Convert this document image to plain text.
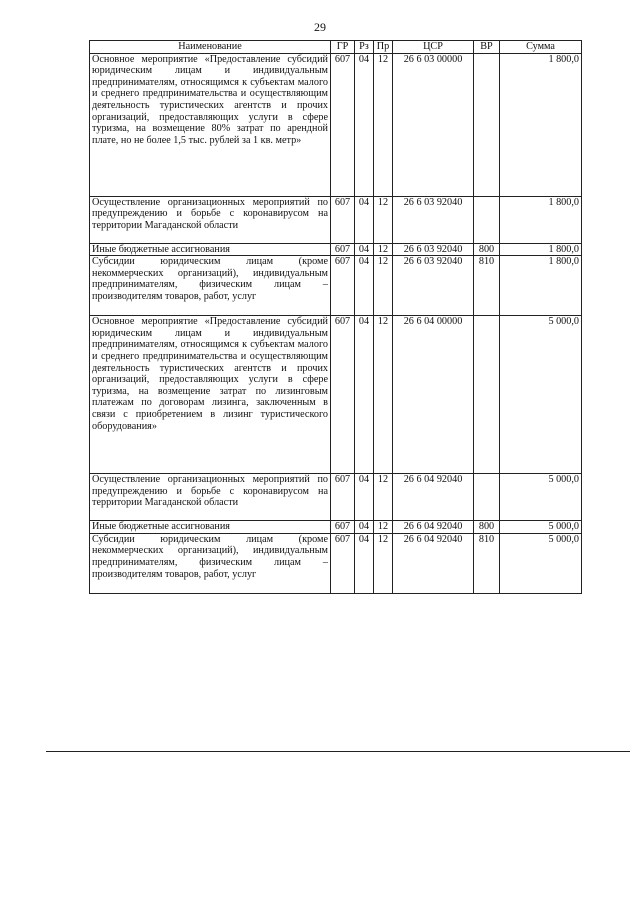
29
Наименование	ГР	Рз	Пр	ЦСР	ВР	Сумма
Основное мероприятие «Предоставление субсидий юридическим лицам и индивидуальным предпринимателям, относящимся к субъектам малого и среднего предпринимательства и осуществляющим деятельность туристических агентств и прочих организаций, предоставляющих услуги в сфере туризма, на возмещение 80% затрат по арендной плате, но не более 1,5 тыс. рублей за 1 кв. метр»	607	04	12	26 6 03 00000		1 800,0
Осуществление организационных мероприятий по предупреждению и борьбе с коронавирусом на территории Магаданской области	607	04	12	26 6 03 92040		1 800,0
Иные бюджетные ассигнования	607	04	12	26 6 03 92040	800	1 800,0
Субсидии юридическим лицам (кроме некоммерческих организаций), индивидуальным предпринимателям, физическим лицам – производителям товаров, работ, услуг	607	04	12	26 6 03 92040	810	1 800,0
Основное мероприятие «Предоставление субсидий юридическим лицам и индивидуальным предпринимателям, относящимся к субъектам малого и среднего предпринимательства и осуществляющим деятельность туристических агентств и прочих организаций, предоставляющих услуги в сфере туризма, на возмещение затрат по лизинговым платежам по договорам лизинга, заключенным в связи с приобретением в лизинг туристического оборудования»	607	04	12	26 6 04 00000		5 000,0
Осуществление организационных мероприятий по предупреждению и борьбе с коронавирусом на территории Магаданской области	607	04	12	26 6 04 92040		5 000,0
Иные бюджетные ассигнования	607	04	12	26 6 04 92040	800	5 000,0
Субсидии юридическим лицам (кроме некоммерческих организаций), индивидуальным предпринимателям, физическим лицам – производителям товаров, работ, услуг	607	04	12	26 6 04 92040	810	5 000,0
